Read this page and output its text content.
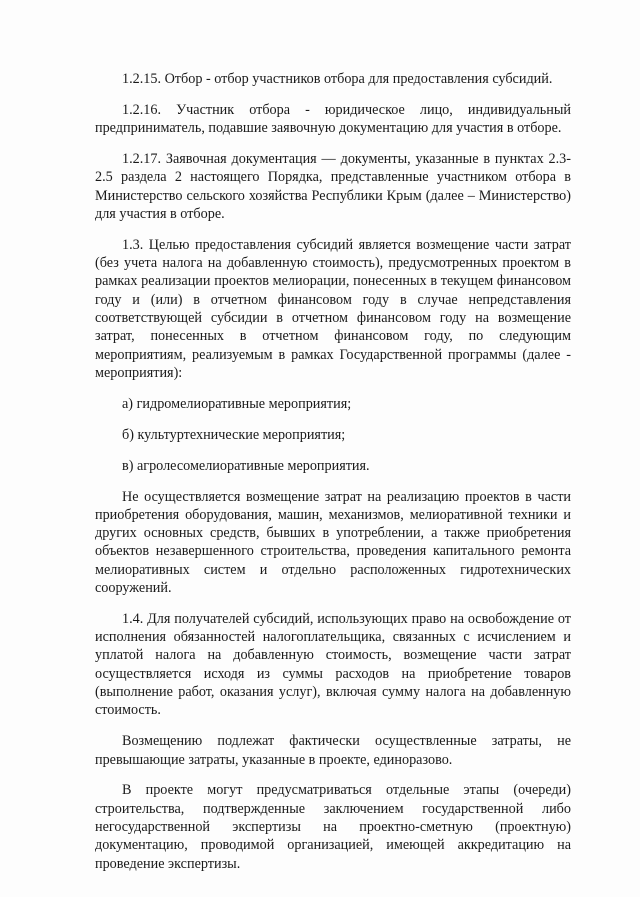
1.2.15. Отбор - отбор участников отбора для предоставления субсидий.

1.2.16. Участник отбора - юридическое лицо, индивидуальный предприниматель, подавшие заявочную документацию для участия в отборе.

1.2.17. Заявочная документация — документы, указанные в пунктах 2.3-2.5 раздела 2 настоящего Порядка, представленные участником отбора в Министерство сельского хозяйства Республики Крым (далее – Министерство) для участия в отборе.

1.3. Целью предоставления субсидий является возмещение части затрат (без учета налога на добавленную стоимость), предусмотренных проектом в рамках реализации проектов мелиорации, понесенных в текущем финансовом году и (или) в отчетном финансовом году в случае непредставления соответствующей субсидии в отчетном финансовом году на возмещение затрат, понесенных в отчетном финансовом году, по следующим мероприятиям, реализуемым в рамках Государственной программы (далее - мероприятия):

а) гидромелиоративные мероприятия;

б) культуртехнические мероприятия;

в) агролесомелиоративные мероприятия.

Не осуществляется возмещение затрат на реализацию проектов в части приобретения оборудования, машин, механизмов, мелиоративной техники и других основных средств, бывших в употреблении, а также приобретения объектов незавершенного строительства, проведения капитального ремонта мелиоративных систем и отдельно расположенных гидротехнических сооружений.

1.4. Для получателей субсидий, использующих право на освобождение от исполнения обязанностей налогоплательщика, связанных с исчислением и уплатой налога на добавленную стоимость, возмещение части затрат осуществляется исходя из суммы расходов на приобретение товаров (выполнение работ, оказания услуг), включая сумму налога на добавленную стоимость.

Возмещению подлежат фактически осуществленные затраты, не превышающие затраты, указанные в проекте, единоразово.

В проекте могут предусматриваться отдельные этапы (очереди) строительства, подтвержденные заключением государственной либо негосударственной экспертизы на проектно-сметную (проектную) документацию, проводимой организацией, имеющей аккредитацию на проведение экспертизы.
